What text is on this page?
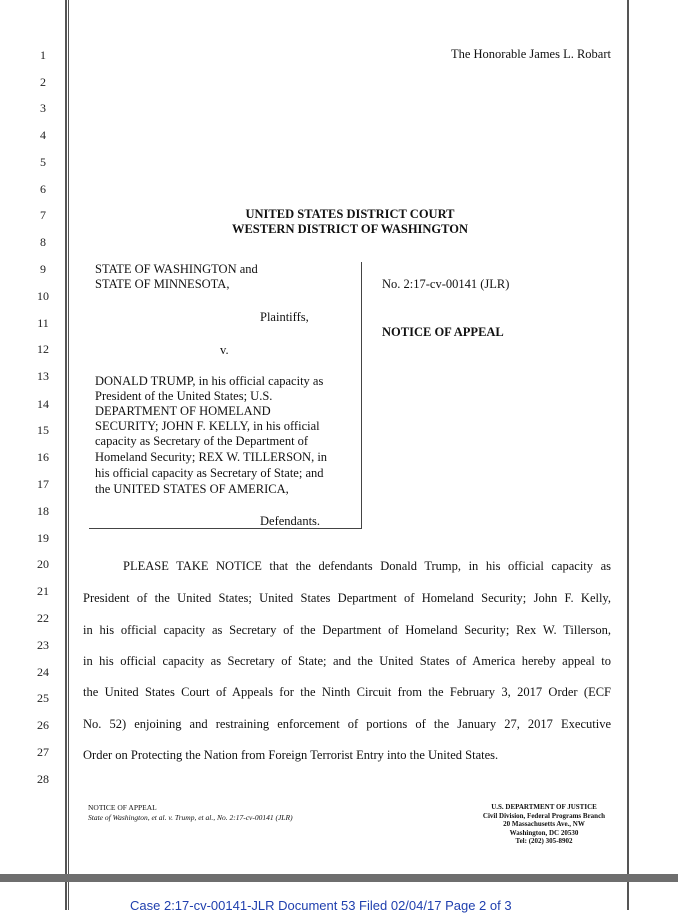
1
2
3
4
5
6
7
8
9
10
11
12
13
14
15
16
17
18
19
20
21
22
23
24
25
26
27
28
The Honorable James L. Robart
UNITED STATES DISTRICT COURT
WESTERN DISTRICT OF WASHINGTON
STATE OF WASHINGTON and
STATE OF MINNESOTA,
Plaintiffs,
v.
DONALD TRUMP, in his official capacity as
President of the United States; U.S.
DEPARTMENT OF HOMELAND
SECURITY; JOHN F. KELLY, in his official
capacity as Secretary of the Department of
Homeland Security; REX W. TILLERSON, in
his official capacity as Secretary of State; and
the UNITED STATES OF AMERICA,
Defendants.
No. 2:17-cv-00141 (JLR)
NOTICE OF APPEAL
PLEASE TAKE NOTICE that the defendants Donald Trump, in his official capacity as
President of the United States; United States Department of Homeland Security; John F. Kelly,
in his official capacity as Secretary of the Department of Homeland Security; Rex W. Tillerson,
in his official capacity as Secretary of State; and the United States of America hereby appeal to
the United States Court of Appeals for the Ninth Circuit from the February 3, 2017 Order (ECF
No. 52) enjoining and restraining enforcement of portions of the January 27, 2017 Executive
Order on Protecting the Nation from Foreign Terrorist Entry into the United States.
NOTICE OF APPEAL
State of Washington, et al. v. Trump, et al., No. 2:17-cv-00141 (JLR)
U.S. DEPARTMENT OF JUSTICE
Civil Division, Federal Programs Branch
20 Massachusetts Ave., NW
Washington, DC 20530
Tel: (202) 305-8902
Case 2:17-cv-00141-JLR Document 53 Filed 02/04/17 Page 2 of 3
